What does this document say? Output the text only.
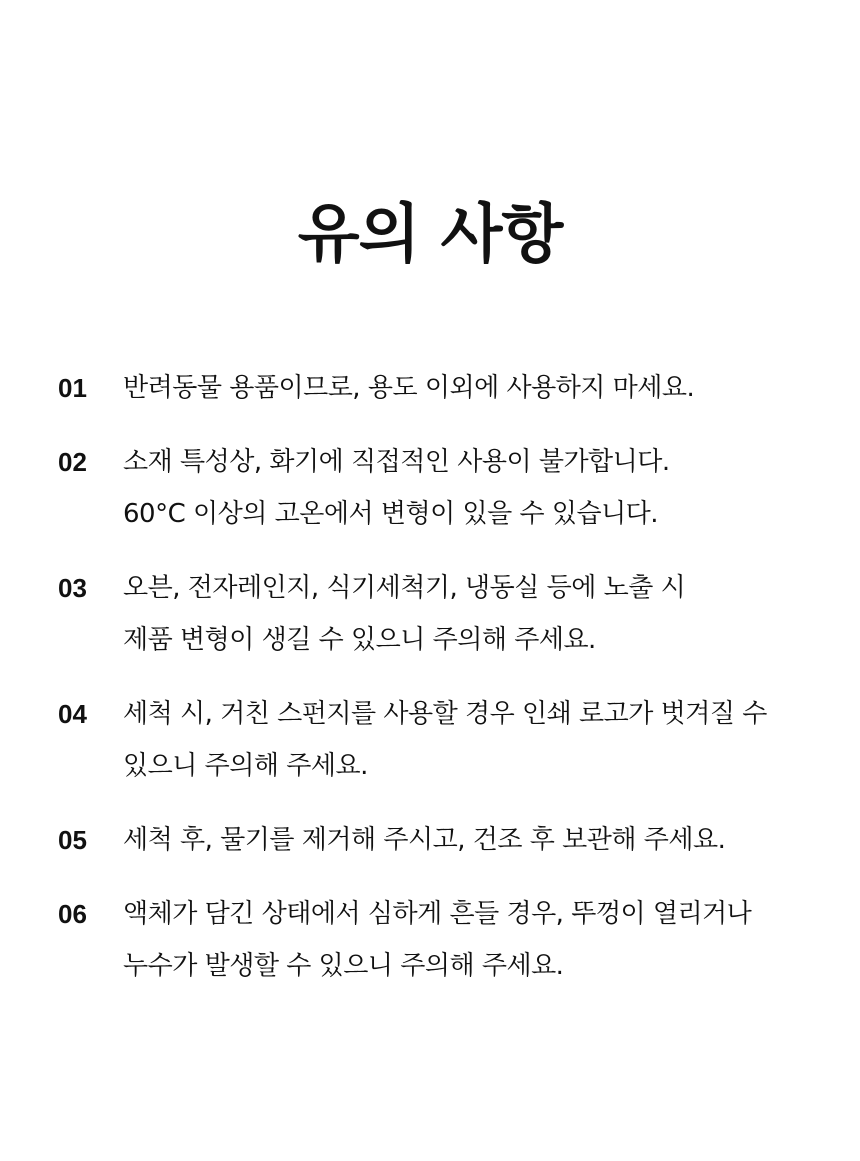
유의 사항
01	반려동물 용품이므로, 용도 이외에 사용하지 마세요.
02	소재 특성상, 화기에 직접적인 사용이 불가합니다.
60°C 이상의 고온에서 변형이 있을 수 있습니다.
03	오븐, 전자레인지, 식기세척기, 냉동실 등에 노출 시
제품 변형이 생길 수 있으니 주의해 주세요.
04	세척 시, 거친 스펀지를 사용할 경우 인쇄 로고가 벗겨질 수
있으니 주의해 주세요.
05	세척 후, 물기를 제거해 주시고, 건조 후 보관해 주세요.
06	액체가 담긴 상태에서 심하게 흔들 경우, 뚜껑이 열리거나
누수가 발생할 수 있으니 주의해 주세요.
